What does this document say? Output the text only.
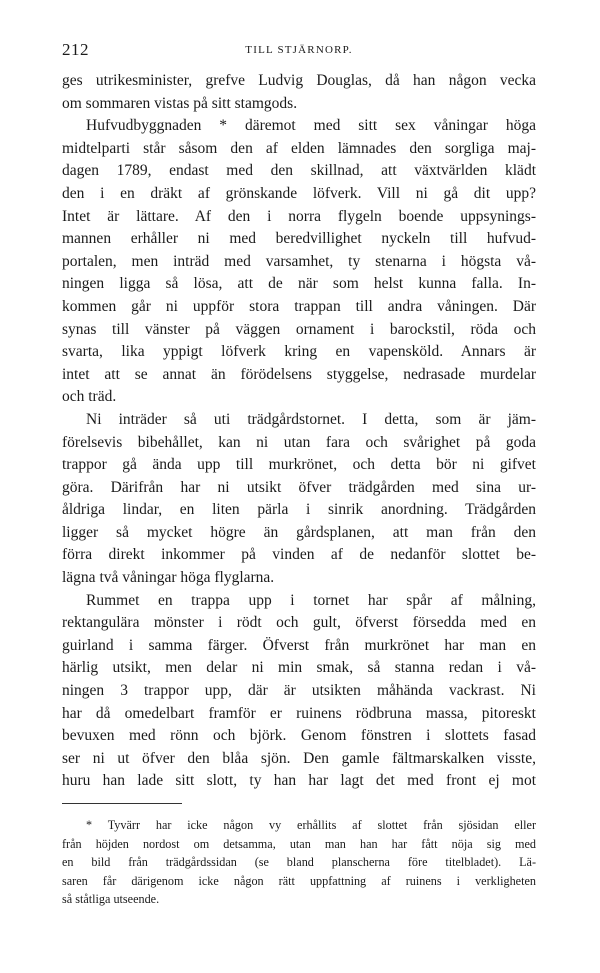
212	TILL STJÄRNORP.
ges utrikesminister, grefve Ludvig Douglas, då han någon vecka
om sommaren vistas på sitt stamgods.
Hufvudbyggnaden * däremot med sitt sex våningar höga
midtelparti står såsom den af elden lämnades den sorgliga maj-
dagen 1789, endast med den skillnad, att växtvärlden klädt
den i en dräkt af grönskande löfverk. Vill ni gå dit upp?
Intet är lättare. Af den i norra flygeln boende uppsynings-
mannen erhåller ni med beredvillighet nyckeln till hufvud-
portalen, men inträd med varsamhet, ty stenarna i högsta vå-
ningen ligga så lösa, att de när som helst kunna falla. In-
kommen går ni uppför stora trappan till andra våningen. Där
synas till vänster på väggen ornament i barockstil, röda och
svarta, lika yppigt löfverk kring en vapensköld. Annars är
intet att se annat än förödelsens styggelse, nedrasade murdelar
och träd.
Ni inträder så uti trädgårdstornet. I detta, som är jäm-
förelsevis bibehållet, kan ni utan fara och svårighet på goda
trappor gå ända upp till murkrönet, och detta bör ni gifvet
göra. Därifrån har ni utsikt öfver trädgården med sina ur-
åldriga lindar, en liten pärla i sinrik anordning. Trädgården
ligger så mycket högre än gårdsplanen, att man från den
förra direkt inkommer på vinden af de nedanför slottet be-
lägna två våningar höga flyglarna.
Rummet en trappa upp i tornet har spår af målning,
rektangulära mönster i rödt och gult, öfverst försedda med en
guirland i samma färger. Öfverst från murkrönet har man en
härlig utsikt, men delar ni min smak, så stanna redan i vå-
ningen 3 trappor upp, där är utsikten måhända vackrast. Ni
har då omedelbart framför er ruinens rödbruna massa, pitoreskt
bevuxen med rönn och björk. Genom fönstren i slottets fasad
ser ni ut öfver den blåa sjön. Den gamle fältmarskalken visste,
huru han lade sitt slott, ty han har lagt det med front ej mot
* Tyvärr har icke någon vy erhållits af slottet från sjösidan eller
från höjden nordost om detsamma, utan man han har fått nöja sig med
en bild från trädgårdssidan (se bland planscherna före titelbladet). Lä-
saren får därigenom icke någon rätt uppfattning af ruinens i verkligheten
så ståtliga utseende.
